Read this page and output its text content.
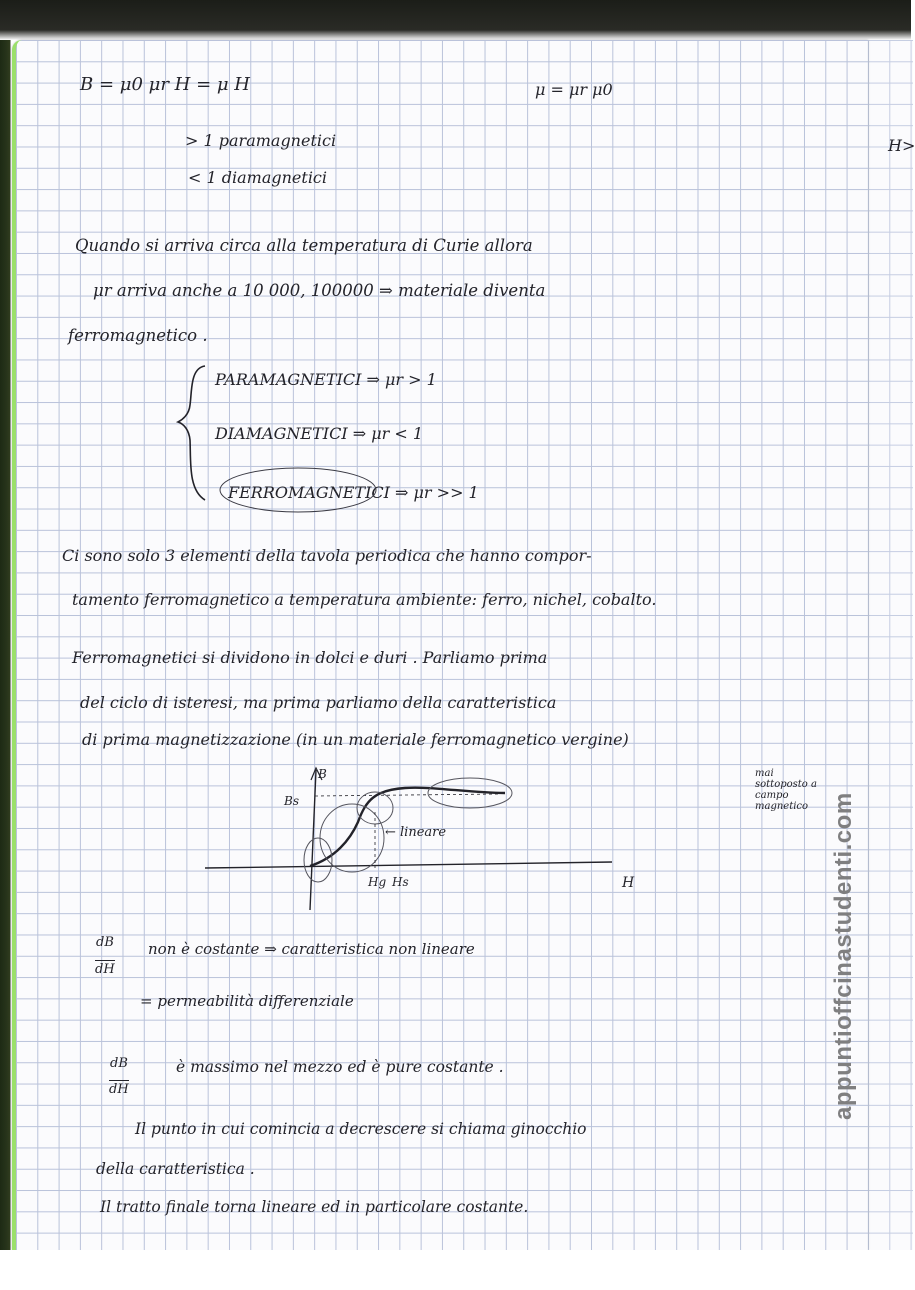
H>
B = μ0 μr H = μ H	μ = μr μ0
> 1 paramagnetici
< 1 diamagnetici
Quando si arriva circa alla temperatura di Curie allora
μr arriva anche a 10 000, 100000 ⇒ materiale diventa
ferromagnetico .
PARAMAGNETICI ⇒ μr > 1
DIAMAGNETICI ⇒ μr < 1
FERROMAGNETICI ⇒ μr >> 1
Ci sono solo 3 elementi della tavola periodica che hanno compor-
tamento ferromagnetico a temperatura ambiente: ferro, nichel, cobalto.
Ferromagnetici si dividono in dolci e duri . Parliamo prima
del ciclo di isteresi, ma prima parliamo della caratteristica
di prima magnetizzazione (in un materiale ferromagnetico vergine)
mai sottoposto a campo magnetico
B
Bs
← lineare
Hg Hs	H
dB
dH
non è costante ⇒ caratteristica non lineare
= permeabilità differenziale
dB
dH
è massimo nel mezzo ed è pure costante .
Il punto in cui comincia a decrescere si chiama ginocchio
della caratteristica .
Il tratto finale torna lineare ed in particolare costante.
appuntioffcinastudenti.com
